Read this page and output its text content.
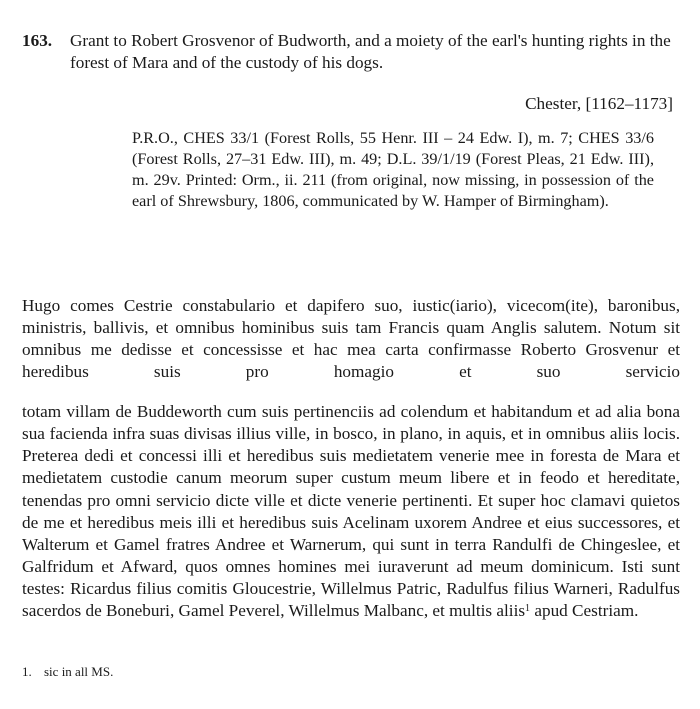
163. Grant to Robert Grosvenor of Budworth, and a moiety of the earl's hunting rights in the forest of Mara and of the custody of his dogs.
Chester, [1162–1173]
P.R.O., CHES 33/1 (Forest Rolls, 55 Henr. III – 24 Edw. I), m. 7; CHES 33/6 (Forest Rolls, 27–31 Edw. III), m. 49; D.L. 39/1/19 (Forest Pleas, 21 Edw. III), m. 29v. Printed: Orm., ii. 211 (from original, now missing, in possession of the earl of Shrewsbury, 1806, communicated by W. Hamper of Birmingham).

Hugo comes Cestrie constabulario et dapifero suo, iustic(iario), vicecom(ite), baronibus, ministris, ballivis, et omnibus hominibus suis tam Francis quam Anglis salutem. Notum sit omnibus me dedisse et concessisse et hac mea carta confirmasse Roberto Grosvenur et heredibus suis pro homagio et suo servicio

totam villam de Buddeworth cum suis pertinenciis ad colendum et habitandum et ad alia bona sua facienda infra suas divisas illius ville, in bosco, in plano, in aquis, et in omnibus aliis locis. Preterea dedi et concessi illi et heredibus suis medietatem venerie mee in foresta de Mara et medietatem custodie canum meorum super custum meum libere et in feodo et hereditate, tenendas pro omni servicio dicte ville et dicte venerie pertinenti. Et super hoc clamavi quietos de me et heredibus meis illi et heredibus suis Acelinam uxorem Andree et eius successores, et Walterum et Gamel fratres Andree et Warnerum, qui sunt in terra Randulfi de Chingeslee, et Galfridum et Afward, quos omnes homines mei iuraverunt ad meum dominicum. Isti sunt testes: Ricardus filius comitis Gloucestrie, Willelmus Patric, Radulfus filius Warneri, Radulfus sacerdos de Boneburi, Gamel Peverel, Willelmus Malbanc, et multis aliis$^1$ apud Cestriam.

1. sic in all MS.
